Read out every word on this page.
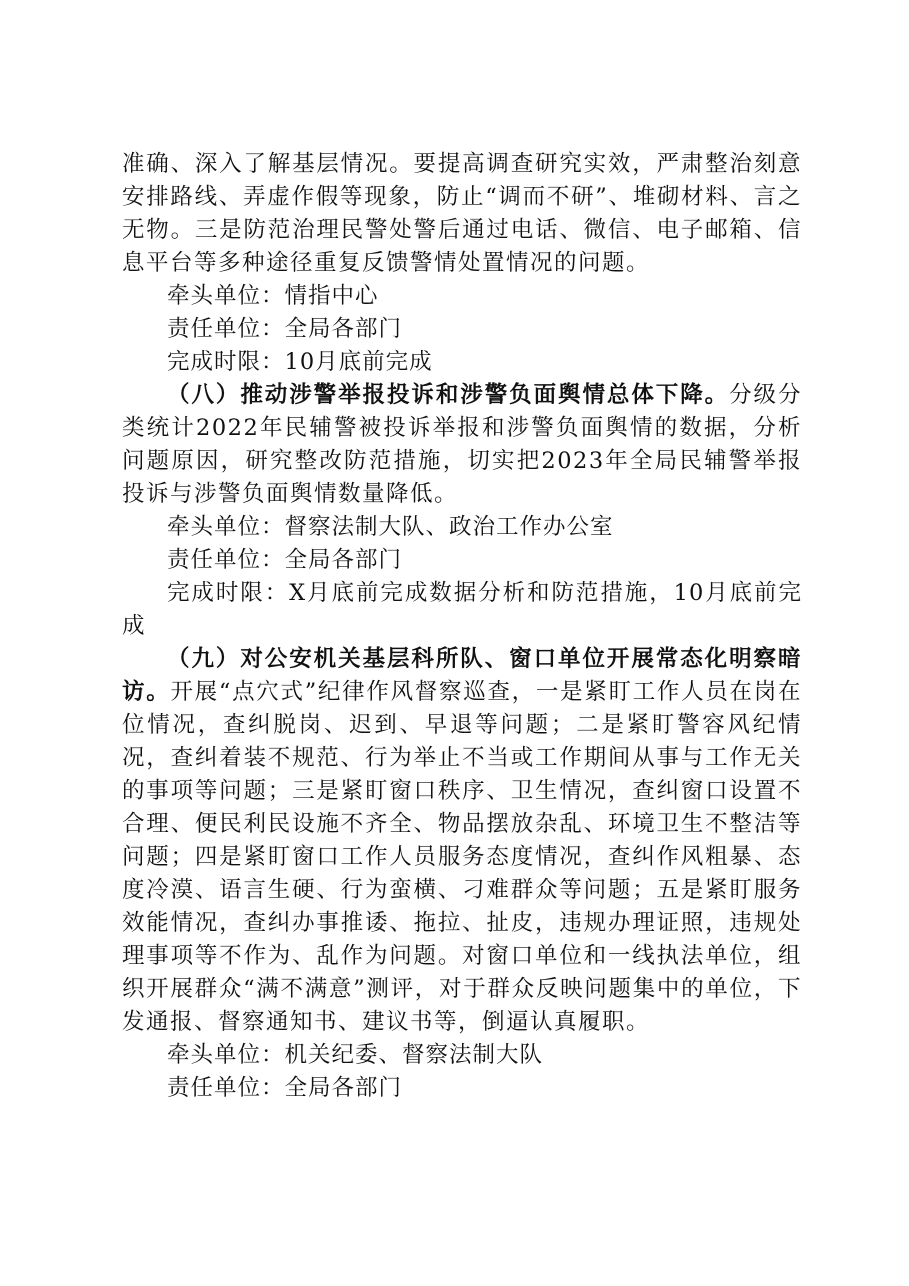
准确、深入了解基层情况。要提高调查研究实效，严肃整治刻意安排路线、弄虚作假等现象，防止“调而不研”、堆砌材料、言之无物。三是防范治理民警处警后通过电话、微信、电子邮箱、信息平台等多种途径重复反馈警情处置情况的问题。

牵头单位：情指中心

责任单位：全局各部门

完成时限：10月底前完成

（八）推动涉警举报投诉和涉警负面舆情总体下降。分级分类统计2022年民辅警被投诉举报和涉警负面舆情的数据，分析问题原因，研究整改防范措施，切实把2023年全局民辅警举报投诉与涉警负面舆情数量降低。

牵头单位：督察法制大队、政治工作办公室

责任单位：全局各部门

完成时限：X月底前完成数据分析和防范措施，10月底前完成

（九）对公安机关基层科所队、窗口单位开展常态化明察暗访。开展“点穴式”纪律作风督察巡查，一是紧盯工作人员在岗在位情况，查纠脱岗、迟到、早退等问题；二是紧盯警容风纪情况，查纠着装不规范、行为举止不当或工作期间从事与工作无关的事项等问题；三是紧盯窗口秩序、卫生情况，查纠窗口设置不合理、便民利民设施不齐全、物品摆放杂乱、环境卫生不整洁等问题；四是紧盯窗口工作人员服务态度情况，查纠作风粗暴、态度冷漠、语言生硬、行为蛮横、刁难群众等问题；五是紧盯服务效能情况，查纠办事推诿、拖拉、扯皮，违规办理证照，违规处理事项等不作为、乱作为问题。对窗口单位和一线执法单位，组织开展群众“满不满意”测评，对于群众反映问题集中的单位，下发通报、督察通知书、建议书等，倒逼认真履职。

牵头单位：机关纪委、督察法制大队

责任单位：全局各部门
